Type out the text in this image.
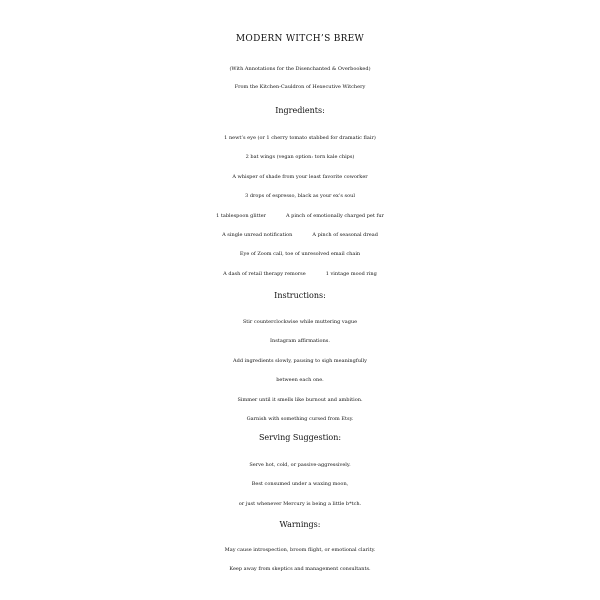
MODERN WITCH’S BREW
(With Annotations for the Disenchanted & Overbooked)
From the Kitchen-Cauldron of Hexecutive Witchery
Ingredients:
1 newt’s eye (or 1 cherry tomato stabbed for dramatic flair)
2 bat wings (vegan option: torn kale chips)
A whisper of shade from your least favorite coworker
3 drops of espresso, black as your ex’s soul
1 tablespoon glitter	A pinch of emotionally charged pet fur
A single unread notification	A pinch of seasonal dread
Eye of Zoom call, toe of unresolved email chain
A dash of retail therapy remorse	1 vintage mood ring
Instructions:
Stir counterclockwise while muttering vague
Instagram affirmations.
Add ingredients slowly, pausing to sigh meaningfully
between each one.
Simmer until it smells like burnout and ambition.
Garnish with something cursed from Etsy.
Serving Suggestion:
Serve hot, cold, or passive-aggressively.
Best consumed under a waxing moon,
or just whenever Mercury is being a little b*tch.
Warnings:
May cause introspection, broom flight, or emotional clarity.
Keep away from skeptics and management consultants.
